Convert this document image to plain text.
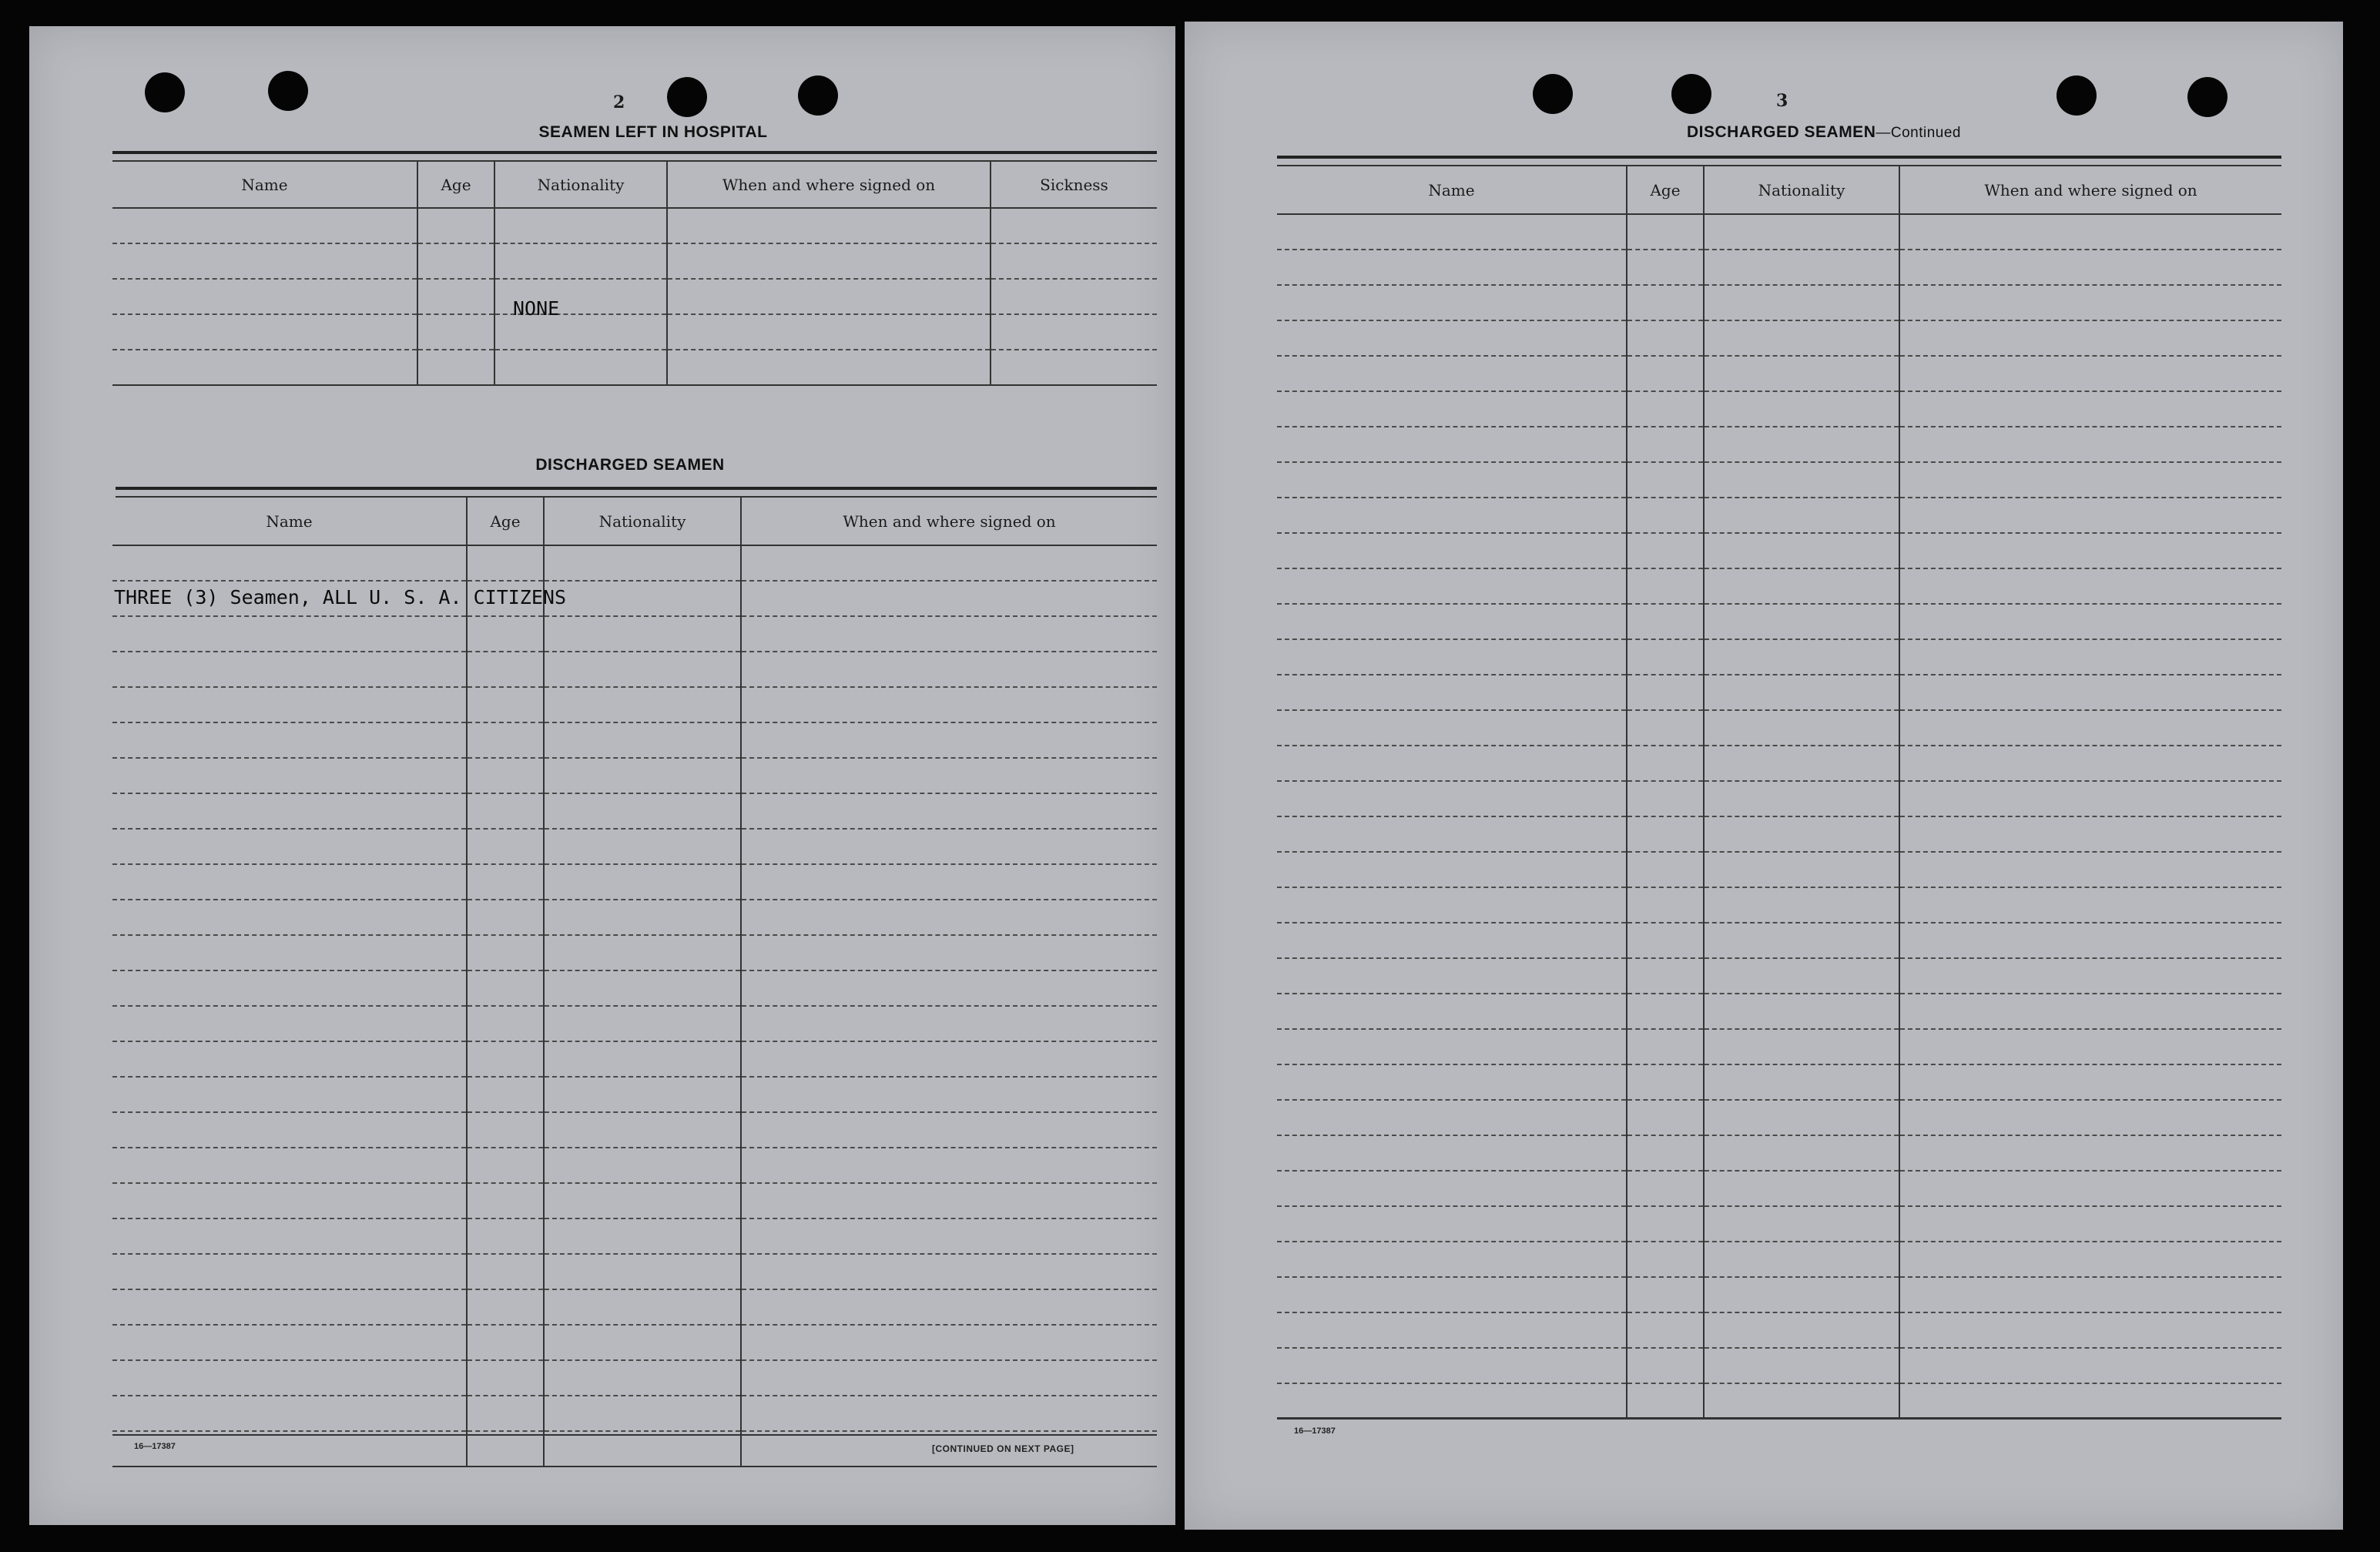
2
SEAMEN LEFT IN HOSPITAL
Name	Age	Nationality	When and where signed on	Sickness

NONE
DISCHARGED SEAMEN
Name	Age	Nationality	When and where signed on

THREE (3) Seamen, ALL U. S. A. CITIZENS
16—17387	[CONTINUED ON NEXT PAGE]
3
DISCHARGED SEAMEN—Continued
Name	Age	Nationality	When and where signed on

16—17387
